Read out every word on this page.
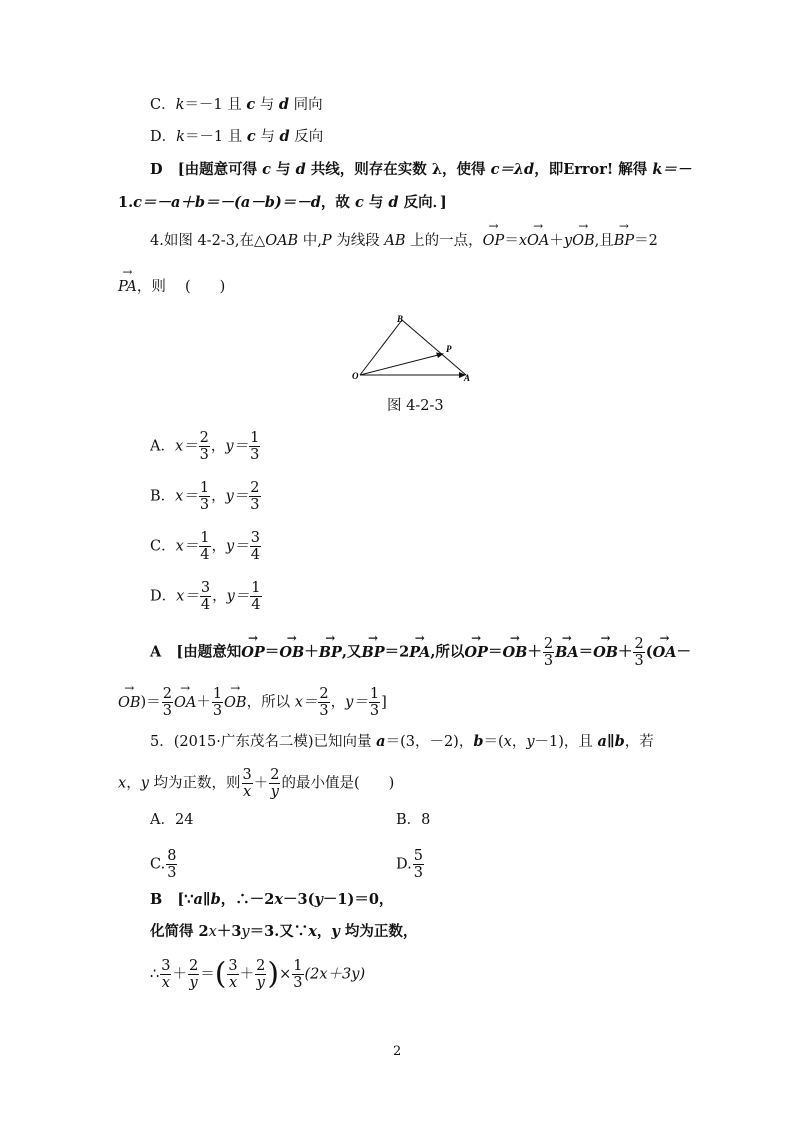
C．k＝－1 且 c 与 d 同向
D．k＝－1 且 c 与 d 反向
D [由题意可得 c 与 d 共线，则存在实数 λ，使得 c＝λd，即Error! 解得 k＝－
1.c＝－a＋b＝－(a－b)＝－d，故 c 与 d 反向．]
4.如图 4-2-3,在△OAB 中,P 为线段 AB 上的一点，→ OP＝x→ OA＋y→ OB,且→ BP＝2
→ PA，则　 (　　)
B
P
O	A
图 4-2-3
A．$x= \frac{2}{3}$ ，$y= \frac{1}{3}$
B．$x= \frac{1}{3}$ ，$y= \frac{2}{3}$
C．$x= \frac{1}{4}$ ，$y= \frac{3}{4}$
D．$x= \frac{3}{4}$ ，$y= \frac{1}{4}$
A [由题意知→ OP＝→ OB＋→ BP,又→ BP＝2→ PA,所以→ $OP=\to OB+ \frac{2}{3}$
→ $BA=\to OB+ \frac{2}{3}$ (→ OA－
→ $OB)= \frac{2}{3}$
→ $OA+ \frac{1}{3}$
→ OB，所以 $x= \frac{2}{3}$ ，$y= \frac{1}{3}$ ]
5．(2015·广东茂名二模)已知向量 a＝(3，－2)，b＝(x，y－1)，且 a∥b，若
x，y 均为正数，则 $\frac{3}{x} + \frac{2}{y}$ 的最小值是(　　)
A．24	B．8
C. $\frac{8}{3}$	D. $\frac{5}{3}$
B [∵a∥b，∴－2x－3(y－1)＝0，
化简得 2x＋3y＝3.又∵x，y 均为正数，
∴ $\frac{3}{x} + \frac{2}{y}$ ＝( $\frac{3}{x} + \frac{2}{y}$ )× $\frac{1}{3} (2x+3y)$
2
